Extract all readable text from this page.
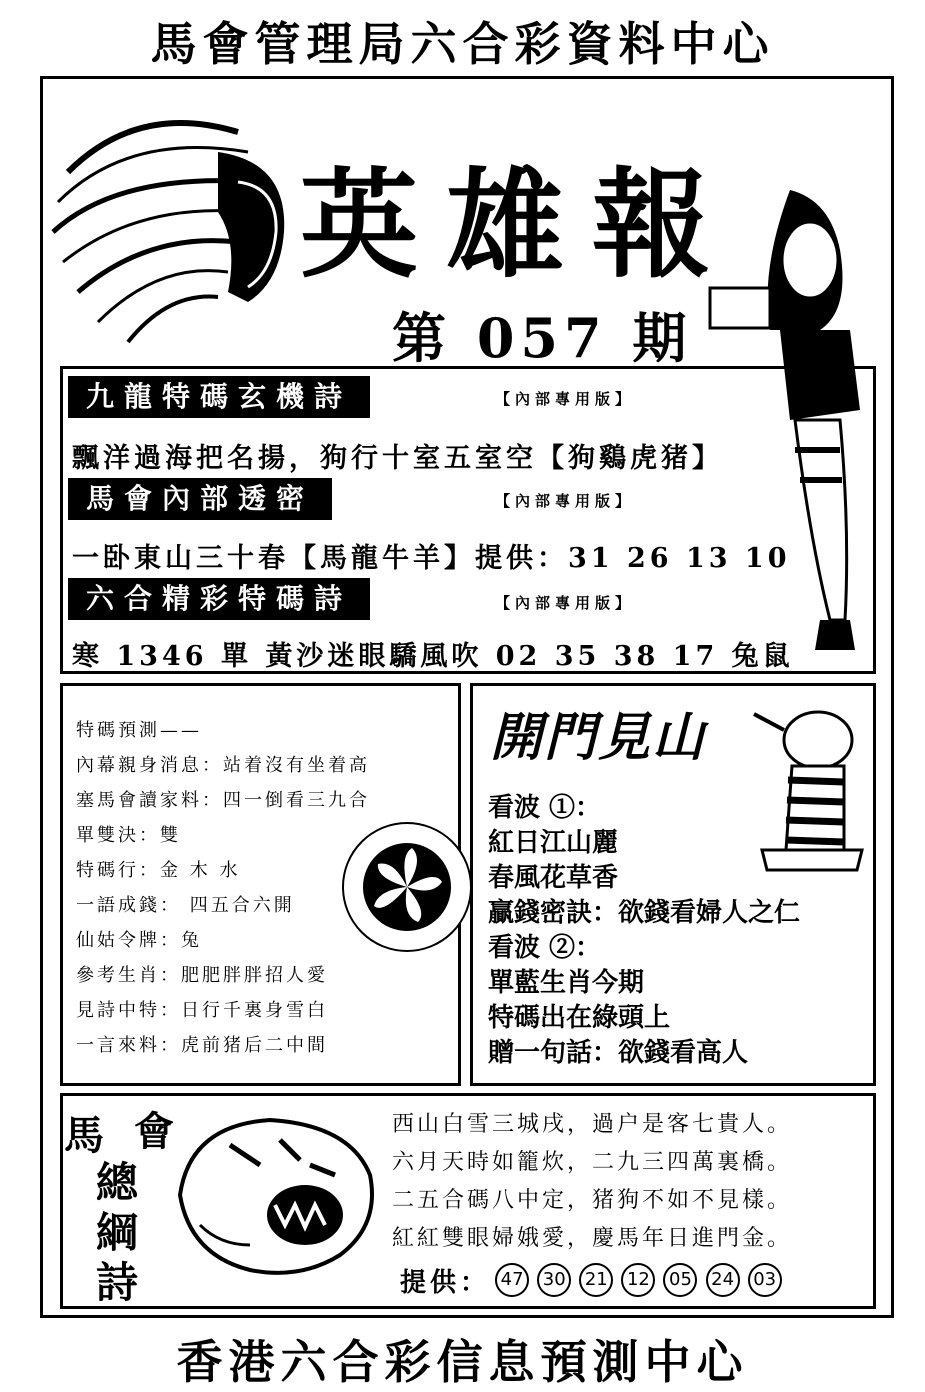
馬會管理局六合彩資料中心
英雄報
第 057 期
九龍特碼玄機詩	【內部專用版】
飄洋過海把名揚，狗行十室五室空【狗鷄虎猪】
馬會內部透密	【內部專用版】
一卧東山三十春【馬龍牛羊】提供：31 26 13 10
六合精彩特碼詩	【內部專用版】
寒 1346 單 黃沙迷眼驕風吹 02 35 38 17 兔鼠
特碼預測——
內幕親身消息：站着沒有坐着高
塞馬會讀家料：四一倒看三九合
單雙決：雙
特碼行：金 木 水
一語成錢： 四五合六開
仙姑令牌：兔
參考生肖：肥肥胖胖招人愛
見詩中特：日行千裏身雪白
一言來料：虎前猪后二中間
開門見山
看波 ①：
紅日江山麗
春風花草香
贏錢密訣：欲錢看婦人之仁
看波 ②：
單藍生肖今期
特碼出在綠頭上
贈一句話：欲錢看高人
馬 會
總
綱
詩
西山白雪三城戌，過户是客七貴人。
六月天時如籠炊，二九三四萬裏橋。
二五合碼八中定，猪狗不如不見樣。
紅紅雙眼婦娥愛，慶馬年日進門金。
提供： 47 30 21 12 05 24 03
香港六合彩信息預測中心
